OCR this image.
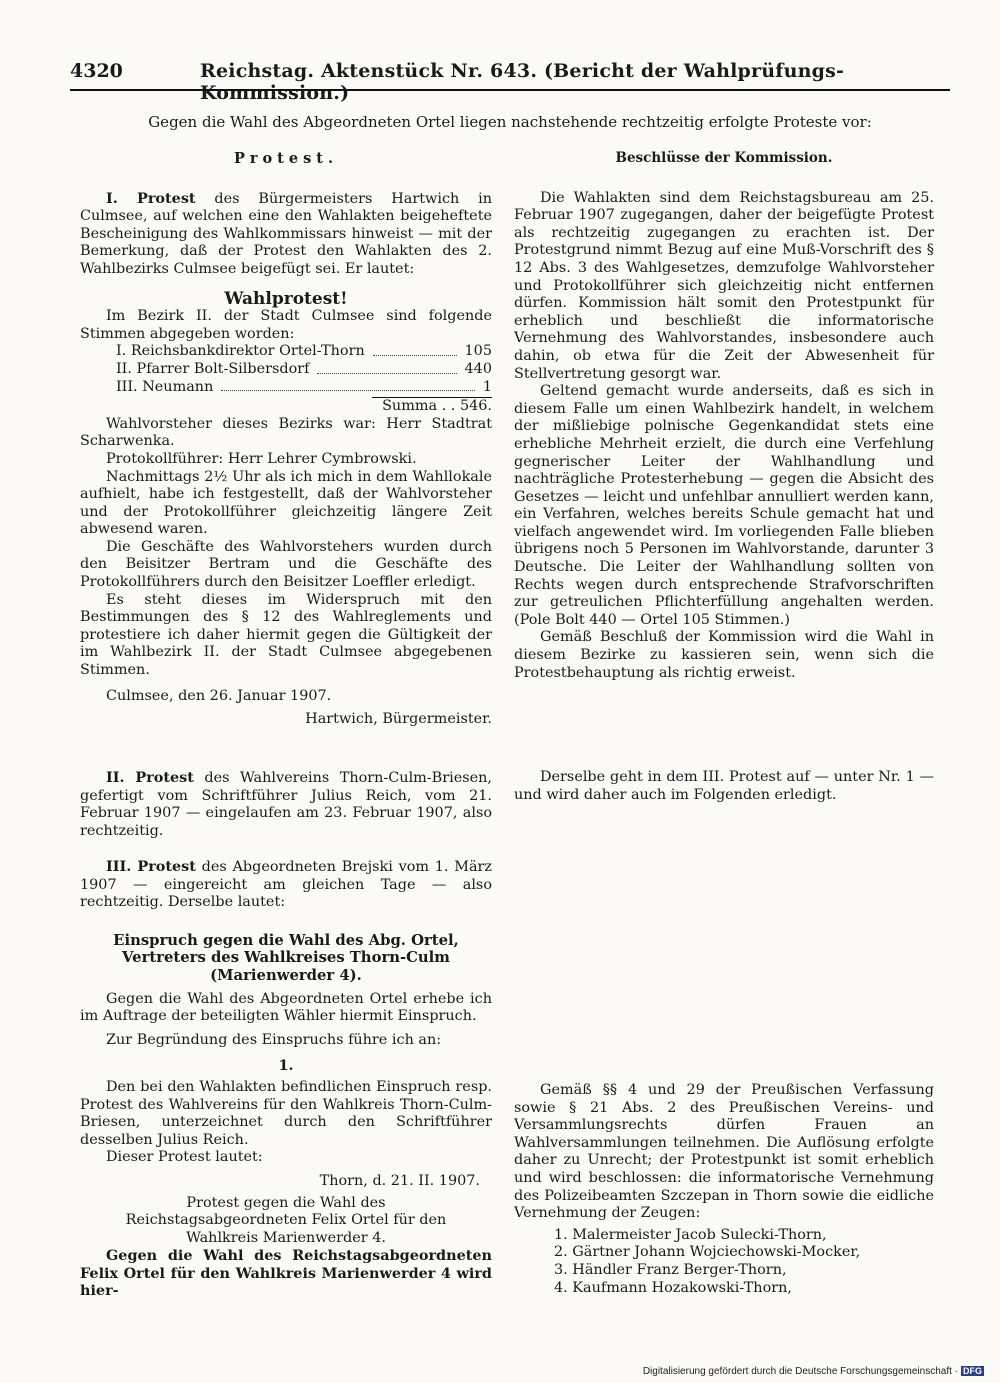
4320	Reichstag. Aktenstück Nr. 643. (Bericht der Wahlprüfungs-Kommission.)
Gegen die Wahl des Abgeordneten Ortel liegen nachstehende rechtzeitig erfolgte Proteste vor:

Protest.

I. Protest des Bürgermeisters Hartwich in Culmsee, auf welchen eine den Wahlakten beigeheftete Bescheinigung des Wahlkommissars hinweist — mit der Bemerkung, daß der Protest den Wahlakten des 2. Wahlbezirks Culmsee beigefügt sei. Er lautet:

Wahlprotest!

Im Bezirk II. der Stadt Culmsee sind folgende Stimmen abgegeben worden:

I. Reichsbankdirektor Ortel-Thorn	105
II. Pfarrer Bolt-Silbersdorf	440
III. Neumann	1
Summa . . 546.

Wahlvorsteher dieses Bezirks war: Herr Stadtrat Scharwenka.

Protokollführer: Herr Lehrer Cymbrowski.

Nachmittags 2½ Uhr als ich mich in dem Wahllokale aufhielt, habe ich festgestellt, daß der Wahlvorsteher und der Protokollführer gleichzeitig längere Zeit abwesend waren.

Die Geschäfte des Wahlvorstehers wurden durch den Beisitzer Bertram und die Geschäfte des Protokollführers durch den Beisitzer Loeffler erledigt.

Es steht dieses im Widerspruch mit den Bestimmungen des § 12 des Wahlreglements und protestiere ich daher hiermit gegen die Gültigkeit der im Wahlbezirk II. der Stadt Culmsee abgegebenen Stimmen.

Culmsee, den 26. Januar 1907.

Hartwich, Bürgermeister.

Beschlüsse der Kommission.

Die Wahlakten sind dem Reichstagsbureau am 25. Februar 1907 zugegangen, daher der beigefügte Protest als rechtzeitig zugegangen zu erachten ist. Der Protestgrund nimmt Bezug auf eine Muß-Vorschrift des § 12 Abs. 3 des Wahlgesetzes, demzufolge Wahlvorsteher und Protokollführer sich gleichzeitig nicht entfernen dürfen. Kommission hält somit den Protestpunkt für erheblich und beschließt die informatorische Vernehmung des Wahlvorstandes, insbesondere auch dahin, ob etwa für die Zeit der Abwesenheit für Stellvertretung gesorgt war.

Geltend gemacht wurde anderseits, daß es sich in diesem Falle um einen Wahlbezirk handelt, in welchem der mißliebige polnische Gegenkandidat stets eine erhebliche Mehrheit erzielt, die durch eine Verfehlung gegnerischer Leiter der Wahlhandlung und nachträgliche Protesterhebung — gegen die Absicht des Gesetzes — leicht und unfehlbar annulliert werden kann, ein Verfahren, welches bereits Schule gemacht hat und vielfach angewendet wird. Im vorliegenden Falle blieben übrigens noch 5 Personen im Wahlvorstande, darunter 3 Deutsche. Die Leiter der Wahlhandlung sollten von Rechts wegen durch entsprechende Strafvorschriften zur getreulichen Pflichterfüllung angehalten werden. (Pole Bolt 440 — Ortel 105 Stimmen.)

Gemäß Beschluß der Kommission wird die Wahl in diesem Bezirke zu kassieren sein, wenn sich die Protestbehauptung als richtig erweist.

II. Protest des Wahlvereins Thorn-Culm-Briesen, gefertigt vom Schriftführer Julius Reich, vom 21. Februar 1907 — eingelaufen am 23. Februar 1907, also rechtzeitig.

Derselbe geht in dem III. Protest auf — unter Nr. 1 — und wird daher auch im Folgenden erledigt.

III. Protest des Abgeordneten Brejski vom 1. März 1907 — eingereicht am gleichen Tage — also rechtzeitig. Derselbe lautet:

Einspruch gegen die Wahl des Abg. Ortel, Vertreters des Wahlkreises Thorn-Culm (Marienwerder 4).

Gegen die Wahl des Abgeordneten Ortel erhebe ich im Auftrage der beteiligten Wähler hiermit Einspruch.

Zur Begründung des Einspruchs führe ich an:

1.

Den bei den Wahlakten befindlichen Einspruch resp. Protest des Wahlvereins für den Wahlkreis Thorn-Culm-Briesen, unterzeichnet durch den Schriftführer desselben Julius Reich.

Dieser Protest lautet:

Thorn, d. 21. II. 1907.

Protest gegen die Wahl des Reichstagsabgeordneten Felix Ortel für den Wahlkreis Marienwerder 4.

Gegen die Wahl des Reichstagsabgeordneten Felix Ortel für den Wahlkreis Marienwerder 4 wird hier-

Gemäß §§ 4 und 29 der Preußischen Verfassung sowie § 21 Abs. 2 des Preußischen Vereins- und Versammlungsrechts dürfen Frauen an Wahlversammlungen teilnehmen. Die Auflösung erfolgte daher zu Unrecht; der Protestpunkt ist somit erheblich und wird beschlossen: die informatorische Vernehmung des Polizeibeamten Szczepan in Thorn sowie die eidliche Vernehmung der Zeugen:

1. Malermeister Jacob Sulecki-Thorn,

2. Gärtner Johann Wojciechowski-Mocker,

3. Händler Franz Berger-Thorn,

4. Kaufmann Hozakowski-Thorn,

Digitalisierung gefördert durch die Deutsche Forschungsgemeinschaft · DFG
